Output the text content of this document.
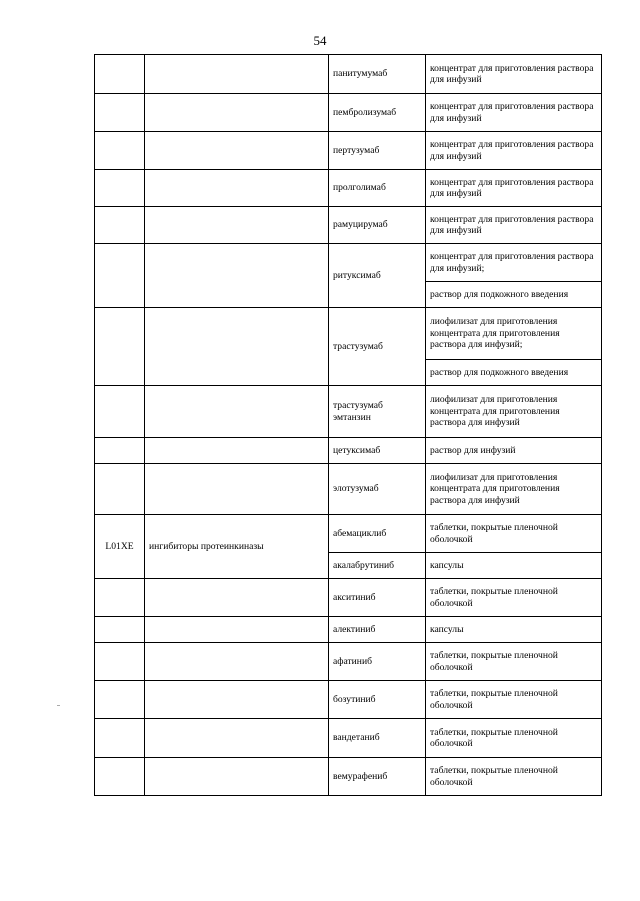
54
		панитумумаб	концентрат для приготовления раствора для инфузий
		пембролизумаб	концентрат для приготовления раствора для инфузий
		пертузумаб	концентрат для приготовления раствора для инфузий
		пролголимаб	концентрат для приготовления раствора для инфузий
		рамуцирумаб	концентрат для приготовления раствора для инфузий
		ритуксимаб	концентрат для приготовления раствора для инфузий;
			раствор для подкожного введения
		трастузумаб	лиофилизат для приготовления концентрата для приготовления раствора для инфузий;
			раствор для подкожного введения
		трастузумаб эмтанзин	лиофилизат для приготовления концентрата для приготовления раствора для инфузий
		цетуксимаб	раствор для инфузий
		элотузумаб	лиофилизат для приготовления концентрата для приготовления раствора для инфузий
L01XE	ингибиторы протеинкиназы	абемациклиб	таблетки, покрытые пленочной оболочкой
		акалабрутиниб	капсулы
		акситиниб	таблетки, покрытые пленочной оболочкой
		алектиниб	капсулы
		афатиниб	таблетки, покрытые пленочной оболочкой
		бозутиниб	таблетки, покрытые пленочной оболочкой
		вандетаниб	таблетки, покрытые пленочной оболочкой
		вемурафениб	таблетки, покрытые пленочной оболочкой
